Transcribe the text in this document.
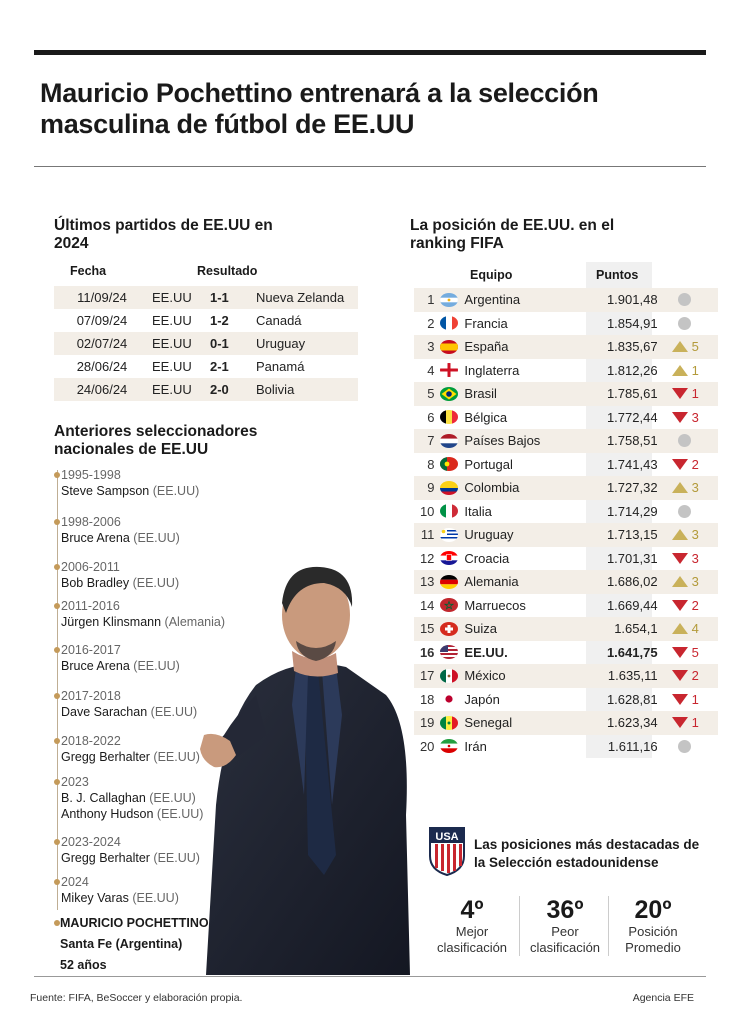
Mauricio Pochettino entrenará a la selección masculina de fútbol de EE.UU
Últimos partidos de EE.UU en 2024
Fecha	Resultado
11/09/24	EE.UU	1-1	Nueva Zelanda
07/09/24	EE.UU	1-2	Canadá
02/07/24	EE.UU	0-1	Uruguay
28/06/24	EE.UU	2-1	Panamá
24/06/24	EE.UU	2-0	Bolivia
Anteriores seleccionadores nacionales de EE.UU
1995-1998
Steve Sampson (EE.UU)
1998-2006
Bruce Arena (EE.UU)
2006-2011
Bob Bradley (EE.UU)
2011-2016
Jürgen Klinsmann (Alemania)
2016-2017
Bruce Arena (EE.UU)
2017-2018
Dave Sarachan (EE.UU)
2018-2022
Gregg Berhalter (EE.UU)
2023
B. J. Callaghan (EE.UU)
Anthony Hudson (EE.UU)
2023-2024
Gregg Berhalter (EE.UU)
2024
Mikey Varas (EE.UU)
MAURICIO POCHETTINO
Santa Fe (Argentina)
52 años
La posición de EE.UU. en el ranking FIFA
Equipo	Puntos
1 Argentina	1.901,48
2 Francia	1.854,91
3 España	1.835,67	5
4 Inglaterra	1.812,26	1
5 Brasil	1.785,61	1
6 Bélgica	1.772,44	3
7 Países Bajos	1.758,51
8 Portugal	1.741,43	2
9 Colombia	1.727,32	3
10 Italia	1.714,29
11 Uruguay	1.713,15	3
12 Croacia	1.701,31	3
13 Alemania	1.686,02	3
14 Marruecos	1.669,44	2
15 Suiza	1.654,1	4
16 EE.UU.	1.641,75	5
17 México	1.635,11	2
18 Japón	1.628,81	1
19 Senegal	1.623,34	1
20 Irán	1.611,16
USA Las posiciones más destacadas de la Selección estadounidense
4º
Mejor clasificación
36º
Peor clasificación
20º
Posición Promedio
Fuente: FIFA, BeSoccer y elaboración propia.	Agencia EFE
